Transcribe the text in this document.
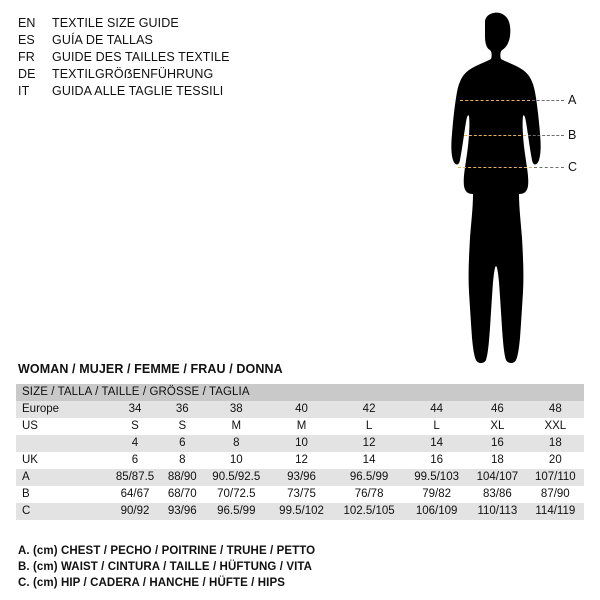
EN	TEXTILE SIZE GUIDE
ES	GUÍA DE TALLAS
FR	GUIDE DES TAILLES TEXTILE
DE	TEXTILGRÖẞENFÜHRUNG
IT	GUIDA ALLE TAGLIE TESSILI
A
B
C
WOMAN / MUJER / FEMME / FRAU / DONNA
SIZE / TALLA / TAILLE / GRÖSSE / TAGLIA								
Europe	34	36	38	40	42	44	46	48
US	S	S	M	M	L	L	XL	XXL
	4	6	8	10	12	14	16	18
UK	6	8	10	12	14	16	18	20
A	85/87.5	88/90	90.5/92.5	93/96	96.5/99	99.5/103	104/107	107/110
B	64/67	68/70	70/72.5	73/75	76/78	79/82	83/86	87/90
C	90/92	93/96	96.5/99	99.5/102	102.5/105	106/109	110/113	114/119
A. (cm) CHEST / PECHO / POITRINE / TRUHE / PETTO
B. (cm) WAIST / CINTURA / TAILLE / HÜFTUNG / VITA
C. (cm) HIP / CADERA / HANCHE / HÜFTE / HIPS
